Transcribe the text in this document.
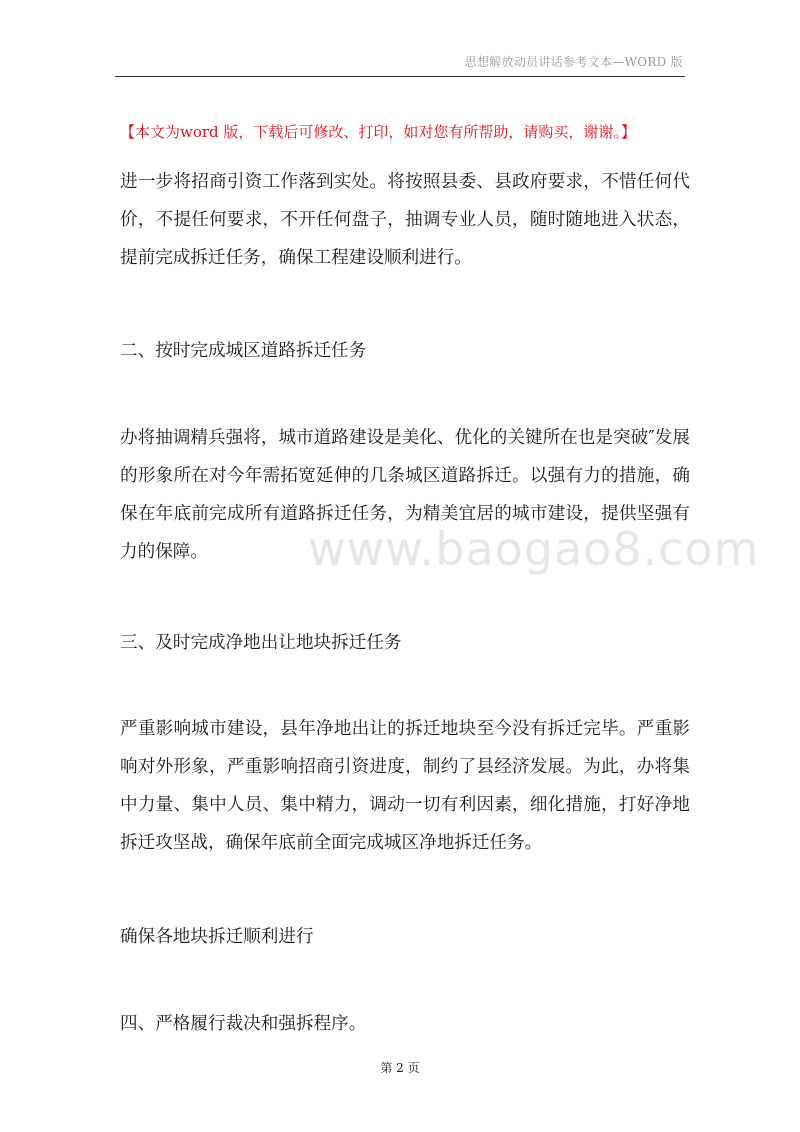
思想解放动员讲话参考文本—WORD 版
【本文为word 版，下载后可修改、打印，如对您有所帮助，请购买，谢谢。】

进一步将招商引资工作落到实处。将按照县委、县政府要求，不惜任何代价，不提任何要求，不开任何盘子，抽调专业人员，随时随地进入状态，提前完成拆迁任务，确保工程建设顺利进行。

二、按时完成城区道路拆迁任务

办将抽调精兵强将，城市道路建设是美化、优化的关键所在也是突破″发展的形象所在对今年需拓宽延伸的几条城区道路拆迁。以强有力的措施，确保在年底前完成所有道路拆迁任务，为精美宜居的城市建设，提供坚强有力的保障。

三、及时完成净地出让地块拆迁任务

严重影响城市建设，县年净地出让的拆迁地块至今没有拆迁完毕。严重影响对外形象，严重影响招商引资进度，制约了县经济发展。为此，办将集中力量、集中人员、集中精力，调动一切有利因素，细化措施，打好净地拆迁攻坚战，确保年底前全面完成城区净地拆迁任务。

确保各地块拆迁顺利进行

四、严格履行裁决和强拆程序。

www.baogao8.com
第 2 页
